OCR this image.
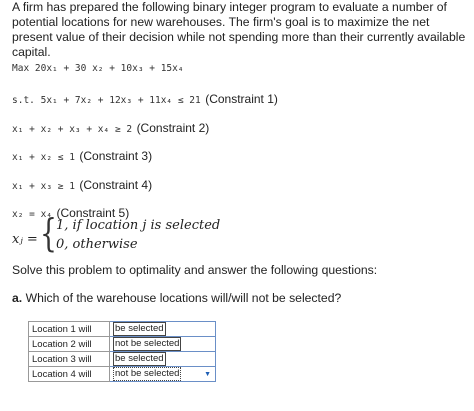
A firm has prepared the following binary integer program to evaluate a number of potential locations for new warehouses. The firm's goal is to maximize the net present value of their decision while not spending more than their currently available capital.

Max 20x₁ + 30 x₂ + 10x₃ + 15x₄
s.t. 5x₁ + 7x₂ + 12x₃ + 11x₄ ≤ 21 (Constraint 1)
x₁ + x₂ + x₃ + x₄ ≥ 2 (Constraint 2)
x₁ + x₂ ≤ 1 (Constraint 3)
x₁ + x₃ ≥ 1 (Constraint 4)
x₂ = x₄ (Constraint 5)
xⱼ = { 1, if location j is selected
0, otherwise
Solve this problem to optimality and answer the following questions:
a. Which of the warehouse locations will/will not be selected?
Location 1 will	be selected
Location 2 will	not be selected
Location 3 will	be selected
Location 4 will	not be selected ▼
